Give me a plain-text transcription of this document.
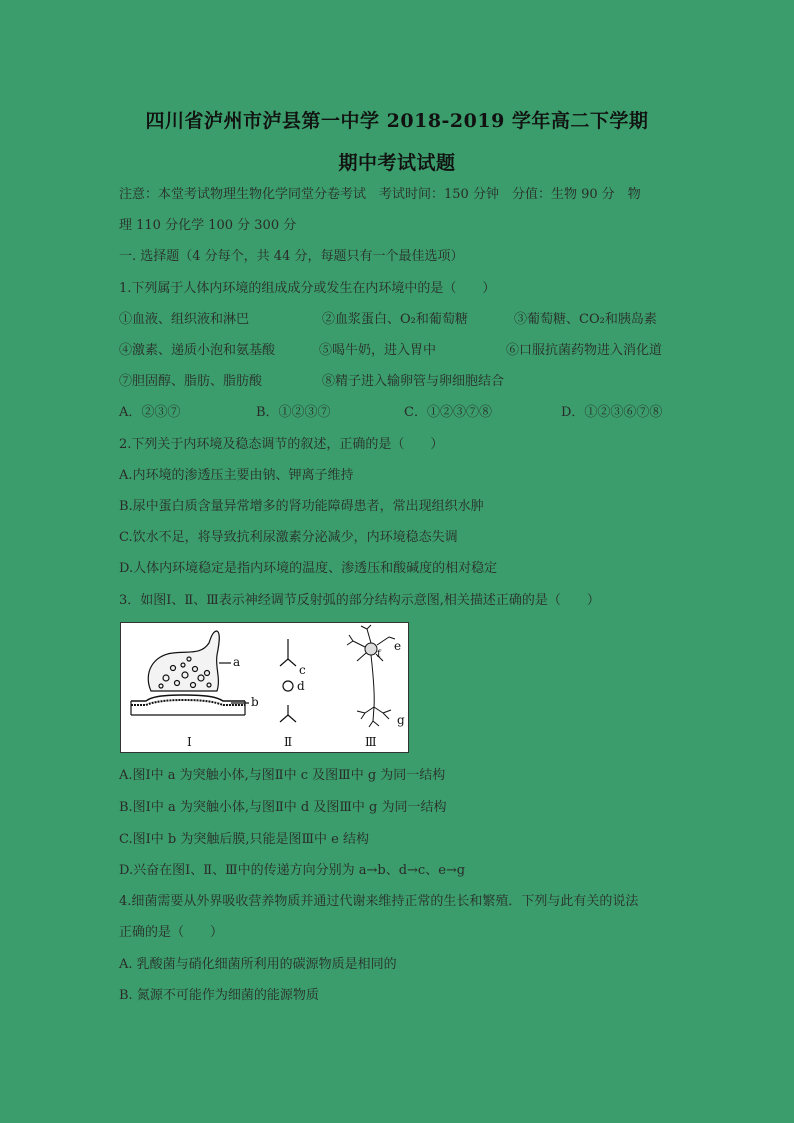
四川省泸州市泸县第一中学 2018-2019 学年高二下学期
期中考试试题
注意：本堂考试物理生物化学同堂分卷考试　考试时间：150 分钟　分值：生物 90 分　物
理 110 分化学 100 分 300 分
一. 选择题（4 分每个，共 44 分，每题只有一个最佳选项）
1.下列属于人体内环境的组成成分或发生在内环境中的是（　　）
①血液、组织液和淋巴	②血浆蛋白、O₂和葡萄糖	③葡萄糖、CO₂和胰岛素
④激素、递质小泡和氨基酸	⑤喝牛奶，进入胃中	⑥口服抗菌药物进入消化道
⑦胆固醇、脂肪、脂肪酸	⑧精子进入输卵管与卵细胞结合
A．②③⑦	B．①②③⑦	C．①②③⑦⑧	D．①②③⑥⑦⑧
2.下列关于内环境及稳态调节的叙述，正确的是（　　）
A.内环境的渗透压主要由钠、钾离子维持
B.尿中蛋白质含量异常增多的肾功能障碍患者，常出现组织水肿
C.饮水不足，将导致抗利尿激素分泌减少，内环境稳态失调
D.人体内环境稳定是指内环境的温度、渗透压和酸碱度的相对稳定
3．如图Ⅰ、Ⅱ、Ⅲ表示神经调节反射弧的部分结构示意图,相关描述正确的是（　　）
a
b
c
d
e
f
g
Ⅰ	Ⅱ	Ⅲ
A.图Ⅰ中 a 为突触小体,与图Ⅱ中 c 及图Ⅲ中 g 为同一结构
B.图Ⅰ中 a 为突触小体,与图Ⅱ中 d 及图Ⅲ中 g 为同一结构
C.图Ⅰ中 b 为突触后膜,只能是图Ⅲ中 e 结构
D.兴奋在图Ⅰ、Ⅱ、Ⅲ中的传递方向分别为 a→b、d→c、e→g
4.细菌需要从外界吸收营养物质并通过代谢来维持正常的生长和繁殖．下列与此有关的说法
正确的是（　　）
A. 乳酸菌与硝化细菌所利用的碳源物质是相同的
B. 氮源不可能作为细菌的能源物质
